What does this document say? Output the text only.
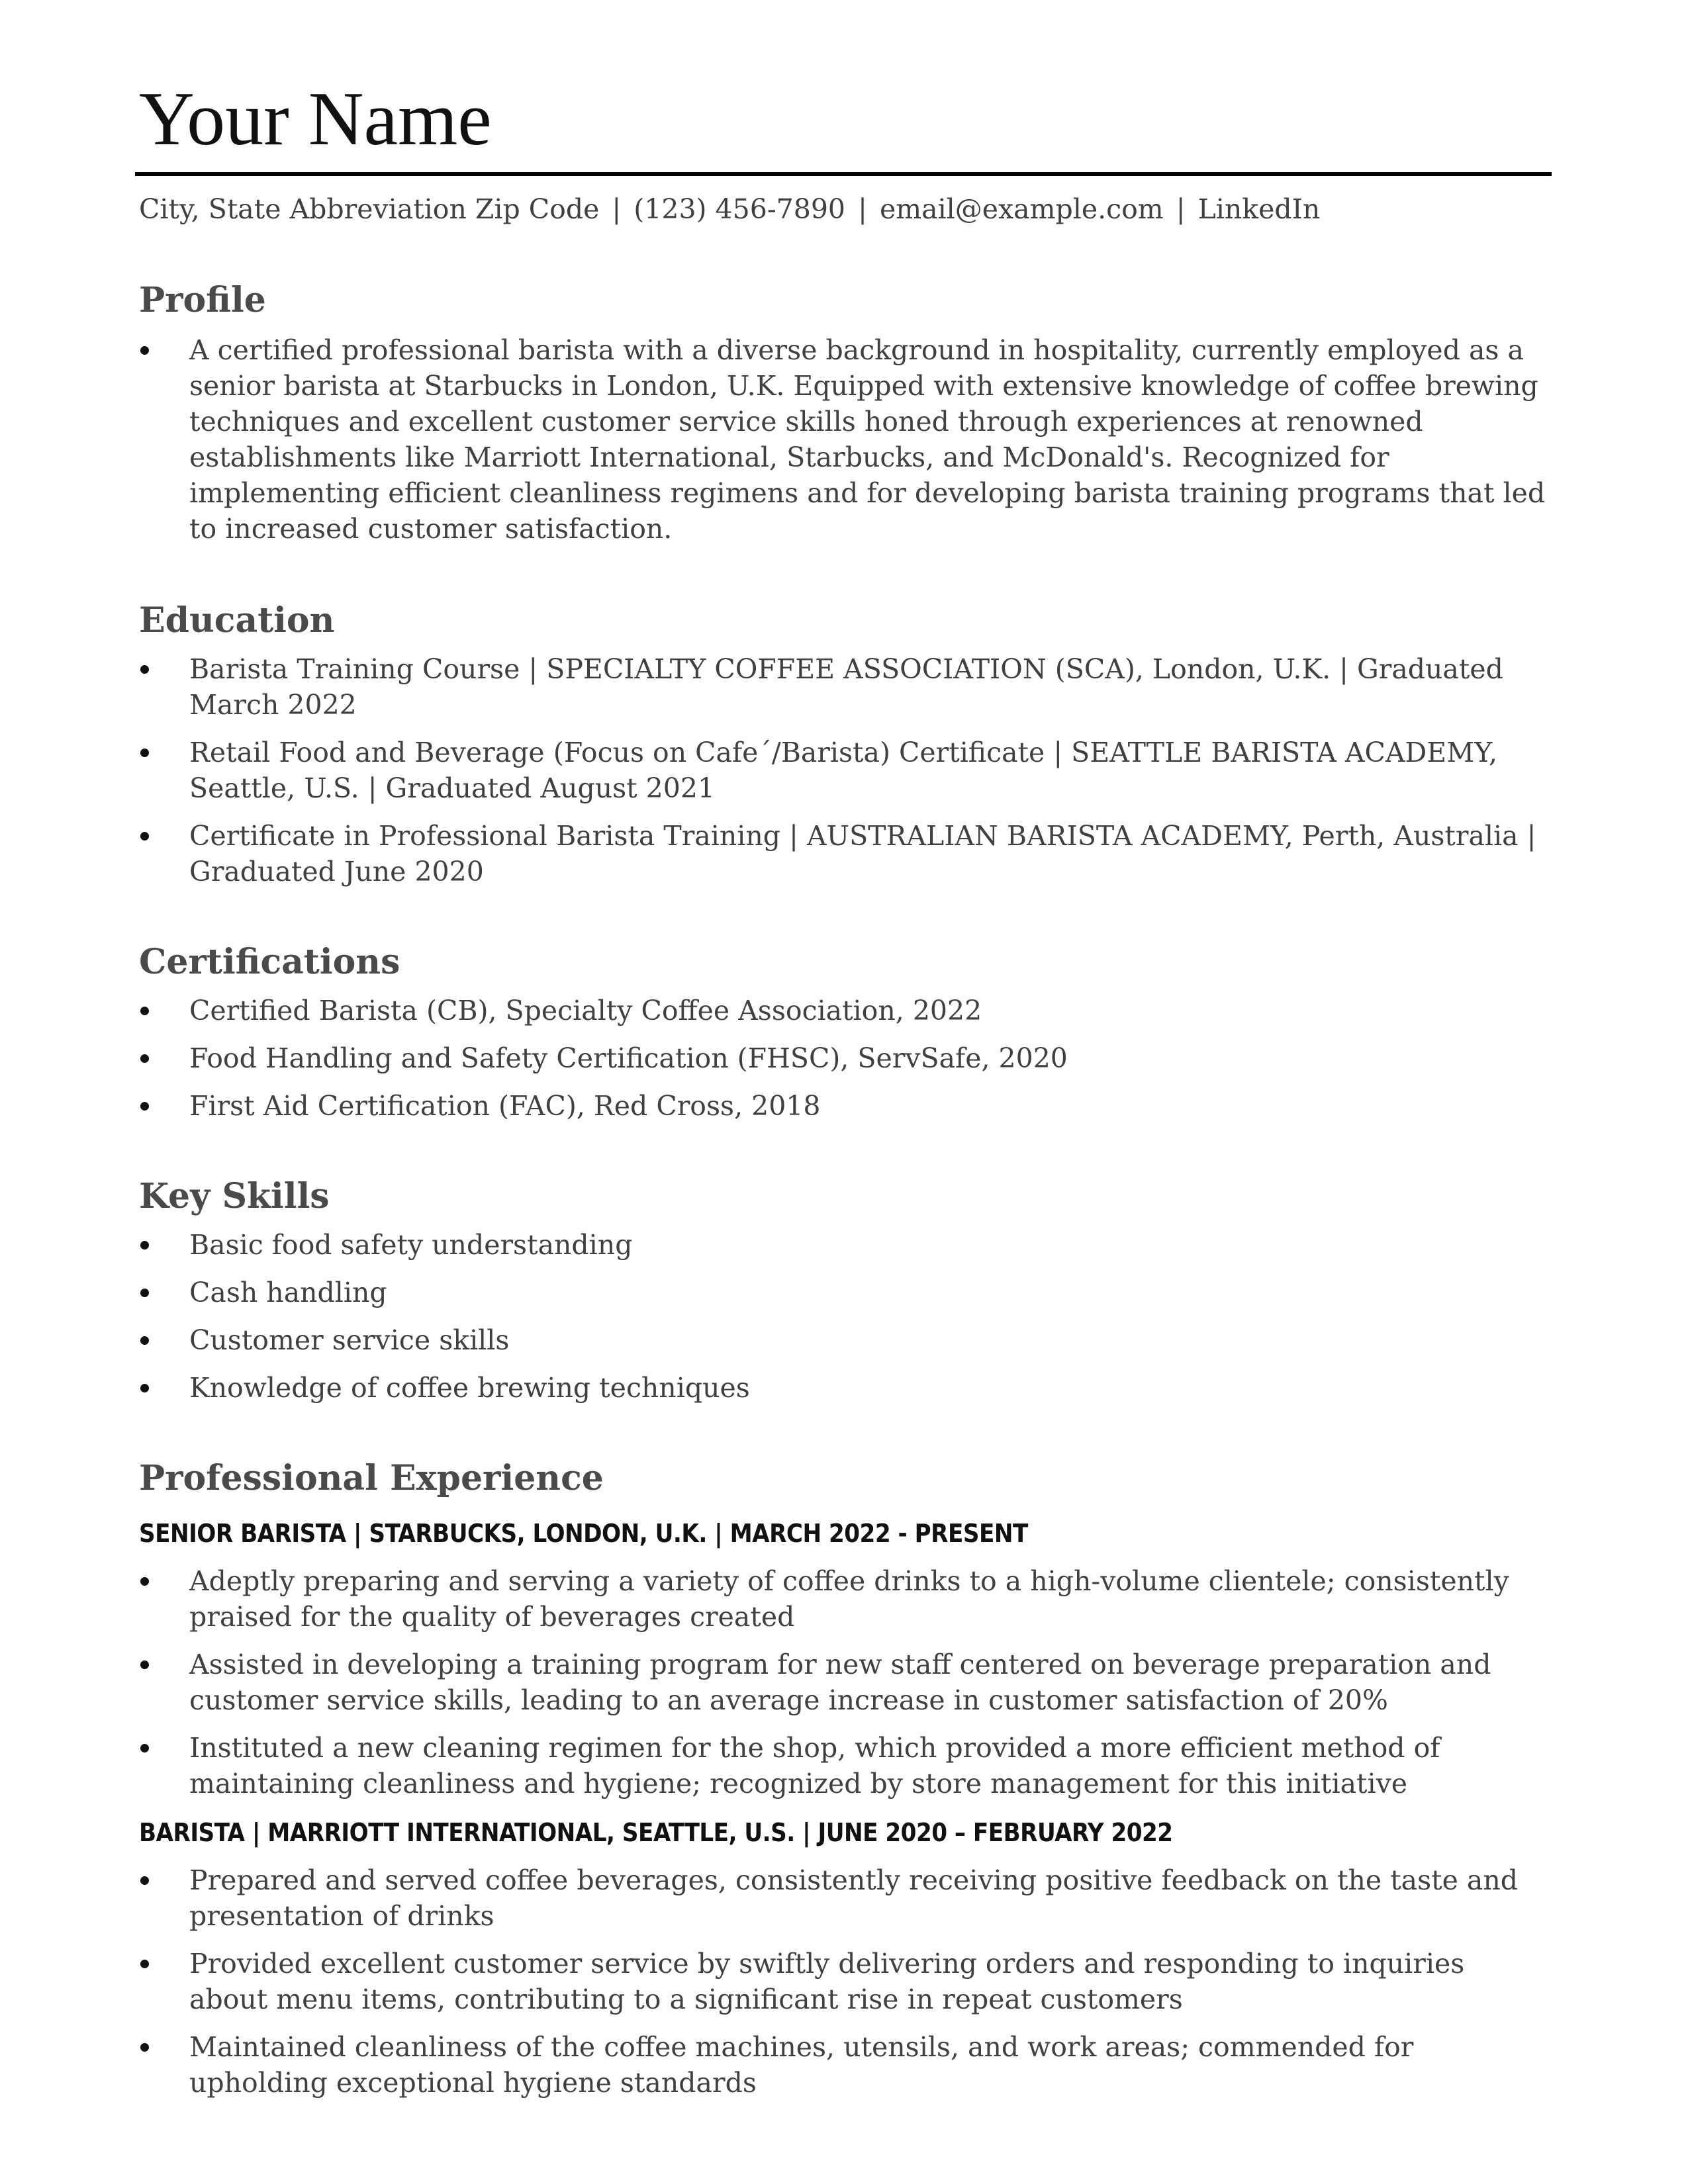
Your Name
City, State Abbreviation Zip Code | (123) 456-7890 | email@example.com | LinkedIn
Profile
A certified professional barista with a diverse background in hospitality, currently employed as a senior barista at Starbucks in London, U.K. Equipped with extensive knowledge of coffee brewing techniques and excellent customer service skills honed through experiences at renowned establishments like Marriott International, Starbucks, and McDonald's. Recognized for implementing efficient cleanliness regimens and for developing barista training programs that led to increased customer satisfaction.
Education
Barista Training Course | SPECIALTY COFFEE ASSOCIATION (SCA), London, U.K. | Graduated March 2022
Retail Food and Beverage (Focus on Cafe´/Barista) Certificate | SEATTLE BARISTA ACADEMY, Seattle, U.S. | Graduated August 2021
Certificate in Professional Barista Training | AUSTRALIAN BARISTA ACADEMY, Perth, Australia | Graduated June 2020
Certifications
Certified Barista (CB), Specialty Coffee Association, 2022
Food Handling and Safety Certification (FHSC), ServSafe, 2020
First Aid Certification (FAC), Red Cross, 2018
Key Skills
Basic food safety understanding
Cash handling
Customer service skills
Knowledge of coffee brewing techniques
Professional Experience
SENIOR BARISTA | STARBUCKS, LONDON, U.K. | MARCH 2022 - PRESENT
Adeptly preparing and serving a variety of coffee drinks to a high-volume clientele; consistently praised for the quality of beverages created
Assisted in developing a training program for new staff centered on beverage preparation and customer service skills, leading to an average increase in customer satisfaction of 20%
Instituted a new cleaning regimen for the shop, which provided a more efficient method of maintaining cleanliness and hygiene; recognized by store management for this initiative
BARISTA | MARRIOTT INTERNATIONAL, SEATTLE, U.S. | JUNE 2020 – FEBRUARY 2022
Prepared and served coffee beverages, consistently receiving positive feedback on the taste and presentation of drinks
Provided excellent customer service by swiftly delivering orders and responding to inquiries about menu items, contributing to a significant rise in repeat customers
Maintained cleanliness of the coffee machines, utensils, and work areas; commended for upholding exceptional hygiene standards
